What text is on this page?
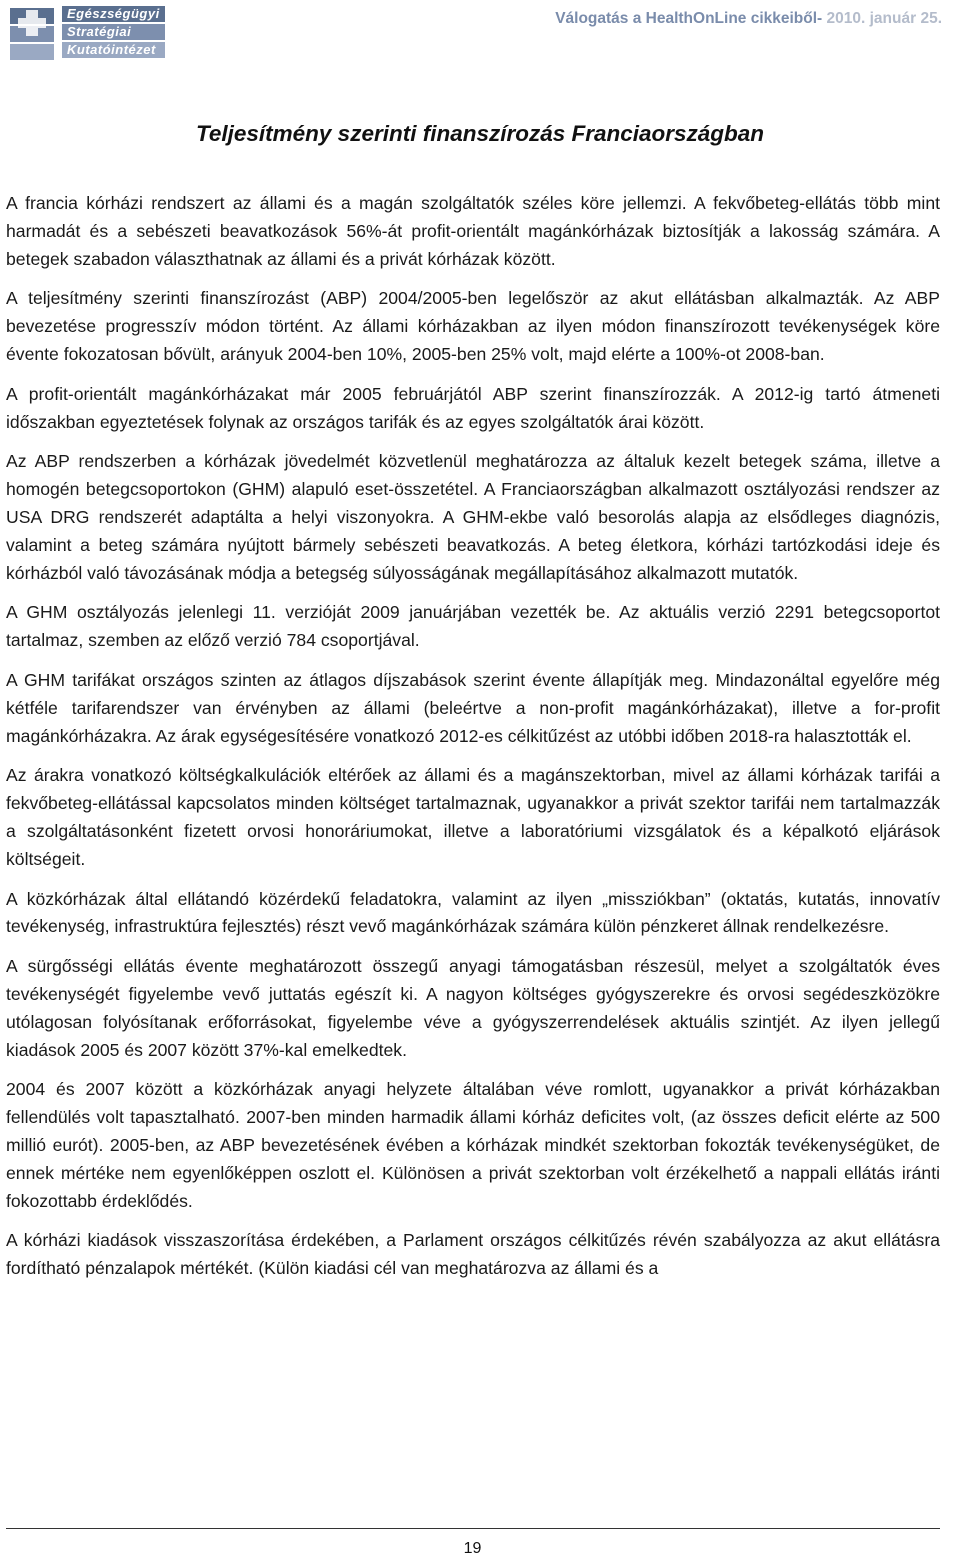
Egészségügyi
Stratégiai
Kutatóintézet
Válogatás a HealthOnLine cikkeiből- 2010. január 25.
Teljesítmény szerinti finanszírozás Franciaországban

A francia kórházi rendszert az állami és a magán szolgáltatók széles köre jellemzi. A fekvőbeteg-ellátás több mint harmadát és a sebészeti beavatkozások 56%-át profit-orientált magánkórházak biztosítják a lakosság számára. A betegek szabadon választhatnak az állami és a privát kórházak között.

A teljesítmény szerinti finanszírozást (ABP) 2004/2005-ben legelőször az akut ellátásban alkalmazták. Az ABP bevezetése progresszív módon történt. Az állami kórházakban az ilyen módon finanszírozott tevékenységek köre évente fokozatosan bővült, arányuk 2004-ben 10%, 2005-ben 25% volt, majd elérte a 100%-ot 2008-ban.

A profit-orientált magánkórházakat már 2005 februárjától ABP szerint finanszírozzák. A 2012-ig tartó átmeneti időszakban egyeztetések folynak az országos tarifák és az egyes szolgáltatók árai között.

Az ABP rendszerben a kórházak jövedelmét közvetlenül meghatározza az általuk kezelt betegek száma, illetve a homogén betegcsoportokon (GHM) alapuló eset-összetétel. A Franciaországban alkalmazott osztályozási rendszer az USA DRG rendszerét adaptálta a helyi viszonyokra. A GHM-ekbe való besorolás alapja az elsődleges diagnózis, valamint a beteg számára nyújtott bármely sebészeti beavatkozás. A beteg életkora, kórházi tartózkodási ideje és kórházból való távozásának módja a betegség súlyosságának megállapításához alkalmazott mutatók.

A GHM osztályozás jelenlegi 11. verzióját 2009 januárjában vezették be. Az aktuális verzió 2291 betegcsoportot tartalmaz, szemben az előző verzió 784 csoportjával.

A GHM tarifákat országos szinten az átlagos díjszabások szerint évente állapítják meg. Mindazonáltal egyelőre még kétféle tarifarendszer van érvényben az állami (beleértve a non-profit magánkórházakat), illetve a for-profit magánkórházakra. Az árak egységesítésére vonatkozó 2012-es célkitűzést az utóbbi időben 2018-ra halasztották el.

Az árakra vonatkozó költségkalkulációk eltérőek az állami és a magánszektorban, mivel az állami kórházak tarifái a fekvőbeteg-ellátással kapcsolatos minden költséget tartalmaznak, ugyanakkor a privát szektor tarifái nem tartalmazzák a szolgáltatásonként fizetett orvosi honoráriumokat, illetve a laboratóriumi vizsgálatok és a képalkotó eljárások költségeit.

A közkórházak által ellátandó közérdekű feladatokra, valamint az ilyen „missziókban” (oktatás, kutatás, innovatív tevékenység, infrastruktúra fejlesztés) részt vevő magánkórházak számára külön pénzkeret állnak rendelkezésre.

A sürgősségi ellátás évente meghatározott összegű anyagi támogatásban részesül, melyet a szolgáltatók éves tevékenységét figyelembe vevő juttatás egészít ki. A nagyon költséges gyógyszerekre és orvosi segédeszközökre utólagosan folyósítanak erőforrásokat, figyelembe véve a gyógyszerrendelések aktuális szintjét. Az ilyen jellegű kiadások 2005 és 2007 között 37%-kal emelkedtek.

2004 és 2007 között a közkórházak anyagi helyzete általában véve romlott, ugyanakkor a privát kórházakban fellendülés volt tapasztalható. 2007-ben minden harmadik állami kórház deficites volt, (az összes deficit elérte az 500 millió eurót). 2005-ben, az ABP bevezetésének évében a kórházak mindkét szektorban fokozták tevékenységüket, de ennek mértéke nem egyenlőképpen oszlott el. Különösen a privát szektorban volt érzékelhető a nappali ellátás iránti fokozottabb érdeklődés.

A kórházi kiadások visszaszorítása érdekében, a Parlament országos célkitűzés révén szabályozza az akut ellátásra fordítható pénzalapok mértékét. (Külön kiadási cél van meghatározva az állami és a

19
